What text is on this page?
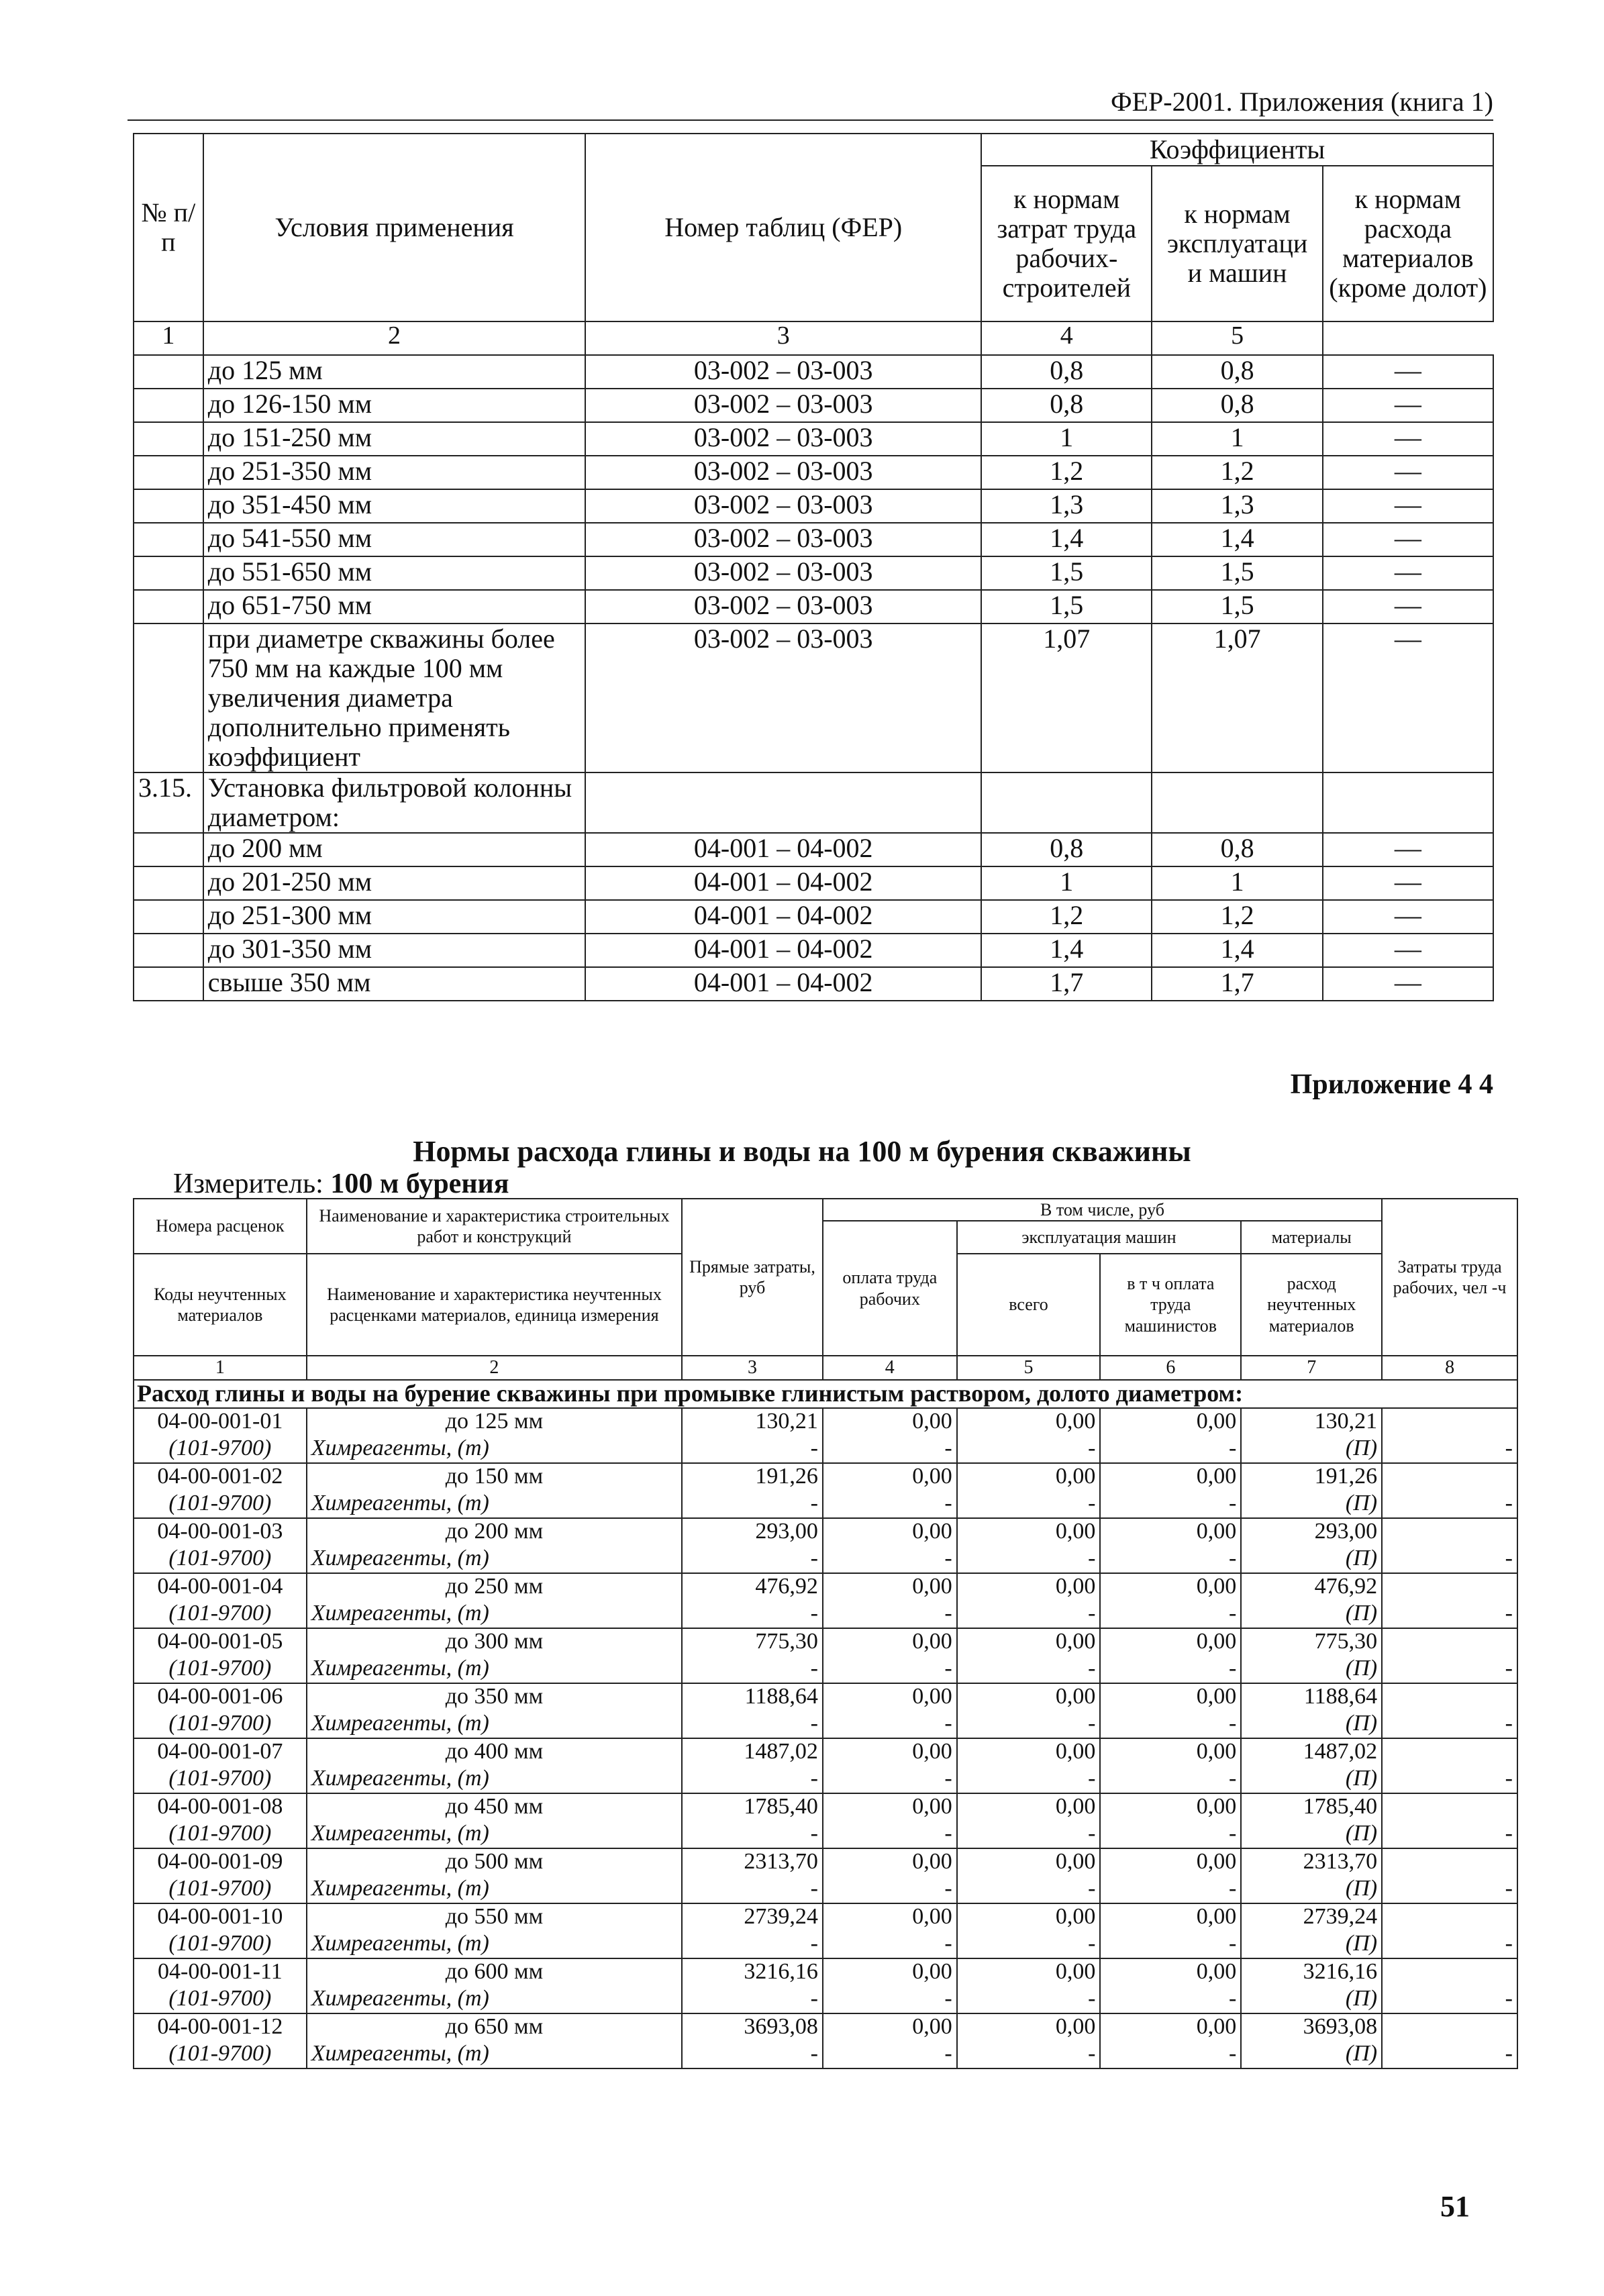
ФЕР-2001. Приложения (книга 1)
№ п/п	Условия применения	Номер таблиц (ФЕР)	Коэффициенты		
			к нормам затрат труда рабочих-строителей	к нормам эксплуатаци и машин	к нормам расхода материалов (кроме долот)
1	2	3	4	5	
	до 125 мм	03-002 – 03-003	0,8	0,8	—
	до 126-150 мм	03-002 – 03-003	0,8	0,8	—
	до 151-250 мм	03-002 – 03-003	1	1	—
	до 251-350 мм	03-002 – 03-003	1,2	1,2	—
	до 351-450 мм	03-002 – 03-003	1,3	1,3	—
	до 541-550 мм	03-002 – 03-003	1,4	1,4	—
	до 551-650 мм	03-002 – 03-003	1,5	1,5	—
	до 651-750 мм	03-002 – 03-003	1,5	1,5	—
	при диаметре скважины более 750 мм на каждые 100 мм увеличения диаметра дополнительно применять коэффициент	03-002 – 03-003	1,07	1,07	—
3.15.	Установка фильтровой колонны диаметром:				
	до 200 мм	04-001 – 04-002	0,8	0,8	—
	до 201-250 мм	04-001 – 04-002	1	1	—
	до 251-300 мм	04-001 – 04-002	1,2	1,2	—
	до 301-350 мм	04-001 – 04-002	1,4	1,4	—
	свыше 350 мм	04-001 – 04-002	1,7	1,7	—
Приложение 4 4
Нормы расхода глины и воды на 100 м бурения скважины
Измеритель: 100 м бурения
Номера расценок	Наименование и характеристика строительных работ и конструкций	Прямые затраты, руб	В том числе, руб				Затраты труда рабочих, чел -ч
			оплата труда рабочих	эксплуатация машин		материалы	
Коды неучтенных материалов	Наименование и характеристика неучтенных расценками материалов, единица измерения			всего	в т ч оплата труда машинистов	расход неучтенных материалов	

1	2	3	4	5	6	7	8
Расход глины и воды на бурение скважины при промывке глинистым раствором, долото диаметром:							
04-00-001-01	до 125 мм	130,21	0,00	0,00	0,00	130,21	
(101-9700)	Химреагенты, (т)	-	-	-	-	(П)	-
04-00-001-02	до 150 мм	191,26	0,00	0,00	0,00	191,26	
(101-9700)	Химреагенты, (т)	-	-	-	-	(П)	-
04-00-001-03	до 200 мм	293,00	0,00	0,00	0,00	293,00	
(101-9700)	Химреагенты, (т)	-	-	-	-	(П)	-
04-00-001-04	до 250 мм	476,92	0,00	0,00	0,00	476,92	
(101-9700)	Химреагенты, (т)	-	-	-	-	(П)	-
04-00-001-05	до 300 мм	775,30	0,00	0,00	0,00	775,30	
(101-9700)	Химреагенты, (т)	-	-	-	-	(П)	-
04-00-001-06	до 350 мм	1188,64	0,00	0,00	0,00	1188,64	
(101-9700)	Химреагенты, (т)	-	-	-	-	(П)	-
04-00-001-07	до 400 мм	1487,02	0,00	0,00	0,00	1487,02	
(101-9700)	Химреагенты, (т)	-	-	-	-	(П)	-
04-00-001-08	до 450 мм	1785,40	0,00	0,00	0,00	1785,40	
(101-9700)	Химреагенты, (т)	-	-	-	-	(П)	-
04-00-001-09	до 500 мм	2313,70	0,00	0,00	0,00	2313,70	
(101-9700)	Химреагенты, (т)	-	-	-	-	(П)	-
04-00-001-10	до 550 мм	2739,24	0,00	0,00	0,00	2739,24	
(101-9700)	Химреагенты, (т)	-	-	-	-	(П)	-
04-00-001-11	до 600 мм	3216,16	0,00	0,00	0,00	3216,16	
(101-9700)	Химреагенты, (т)	-	-	-	-	(П)	-
04-00-001-12	до 650 мм	3693,08	0,00	0,00	0,00	3693,08	
(101-9700)	Химреагенты, (т)	-	-	-	-	(П)	-
51
